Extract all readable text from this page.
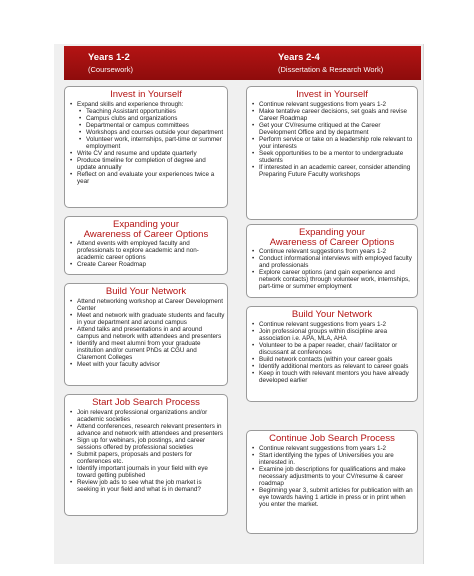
Years 1-2
(Coursework)
Years 2-4
(Dissertation & Research Work)
Invest in Yourself
• Expand skills and experience through:
• Teaching Assistant opportunities
• Campus clubs and organizations
• Departmental or campus committees
• Workshops and courses outside your department
• Volunteer work, internships, part-time or summer employment
• Write CV and resume and update quarterly
• Produce timeline for completion of degree and update annually
• Reflect on and evaluate your experiences twice a year
Expanding your
Awareness of Career Options
• Attend events with employed faculty and professionals to explore academic and non-academic career options
• Create Career Roadmap
Build Your Network
• Attend networking workshop at Career Development Center
• Meet and network with graduate students and faculty in your department and around campus
• Attend talks and presentations in and around campus and network with attendees and presenters
• Identify and meet alumni from your graduate institution and/or current PhDs at CGU and Claremont Colleges
• Meet with your faculty advisor
Start Job Search Process
• Join relevant professional organizations and/or academic societies
• Attend conferences, research relevant presenters in advance and network with attendees and presenters
• Sign up for webinars, job postings, and career sessions offered by professional societies
• Submit papers, proposals and posters for conferences etc.
• Identify important journals in your field with eye toward getting published
• Review job ads to see what the job market is seeking in your field and what is in demand?
Invest in Yourself
• Continue relevant suggestions from years 1-2
• Make tentative career decisions, set goals and revise Career Roadmap
• Get your CV/resume critiqued at the Career Development Office and by department
• Perform service or take on a leadership role relevant to your interests
• Seek opportunities to be a mentor to undergraduate students
• If interested in an academic career, consider attending Preparing Future Faculty workshops
Expanding your
Awareness of Career Options
• Continue relevant suggestions from years 1-2
• Conduct informational interviews with employed faculty and professionals
• Explore career options (and gain experience and network contacts) through volunteer work, internships, part-time or summer employment
Build Your Network
• Continue relevant suggestions from years 1-2
• Join professional groups within discipline area association i.e. APA, MLA, AHA
• Volunteer to be a paper reader, chair/ facilitator or discussant at conferences
• Build network contacts (within your career goals
• Identify additional mentors as relevant to career goals
• Keep in touch with relevant mentors you have already developed earlier
Continue Job Search Process
• Continue relevant suggestions from years 1-2
• Start identifying the types of Universities you are interested in.
• Examine job descriptions for qualifications and make necessary adjustments to your CV/resume & career roadmap
• Beginning year 3, submit articles for publication with an eye towards having 1 article in press or in print when you enter the market.
